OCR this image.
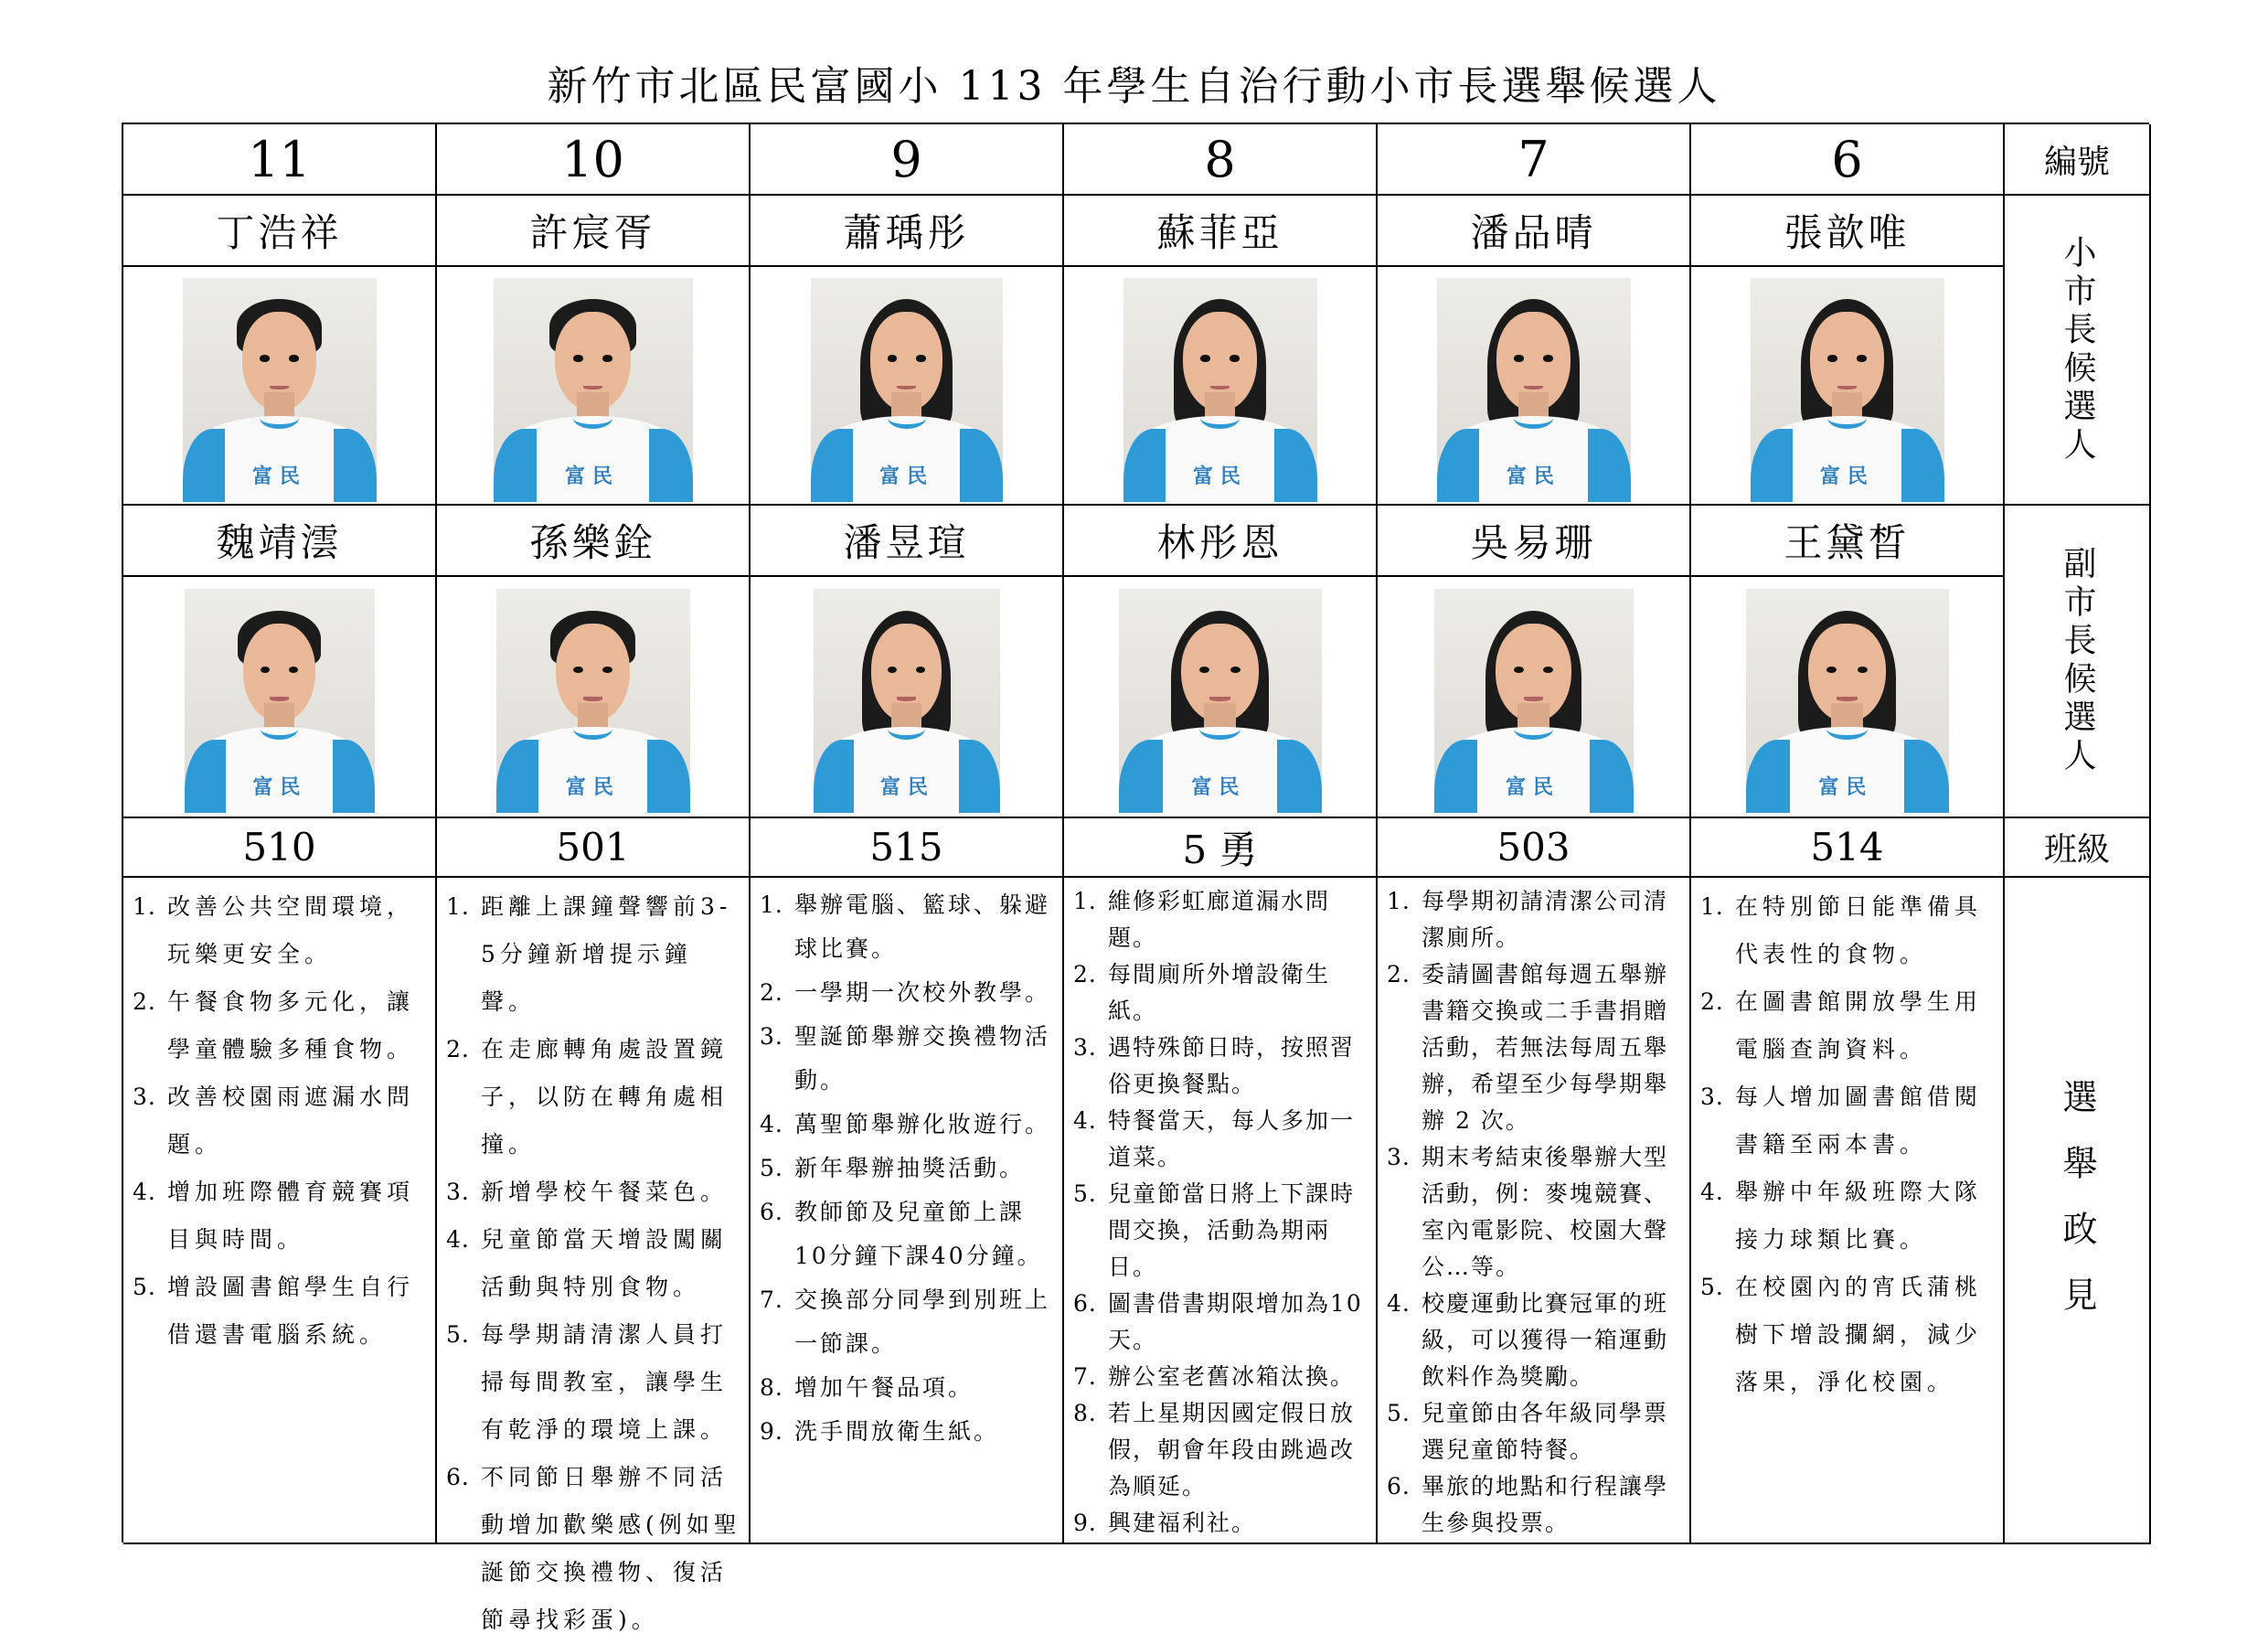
新竹市北區民富國小 113 年學生自治行動小市長選舉候選人
11	10	9	8	7	6	編號
丁浩祥	許宸胥	蕭瑀彤	蘇菲亞	潘品晴	張歆唯
小市長候選人
富民	富民	富民	富民	富民	富民
魏靖澐	孫樂銓	潘昱瑄	林彤恩	吳易珊	王黛晳
副市長候選人
富民	富民	富民	富民	富民	富民
510	501	515	5 勇	503	514	班級
1. 改善公共空間環境，玩樂更安全。
2. 午餐食物多元化，讓學童體驗多種食物。
3. 改善校園雨遮漏水問題。
4. 增加班際體育競賽項目與時間。
5. 增設圖書館學生自行借還書電腦系統。
1. 距離上課鐘聲響前3-5分鐘新增提示鐘聲。
2. 在走廊轉角處設置鏡子，以防在轉角處相撞。
3. 新增學校午餐菜色。
4. 兒童節當天增設闖關活動與特別食物。
5. 每學期請清潔人員打掃每間教室，讓學生有乾淨的環境上課。
6. 不同節日舉辦不同活動增加歡樂感(例如聖誕節交換禮物、復活節尋找彩蛋)。
1. 舉辦電腦、籃球、躲避球比賽。
2. 一學期一次校外教學。
3. 聖誕節舉辦交換禮物活動。
4. 萬聖節舉辦化妝遊行。
5. 新年舉辦抽獎活動。
6. 教師節及兒童節上課10分鐘下課40分鐘。
7. 交換部分同學到別班上一節課。
8. 增加午餐品項。
9. 洗手間放衛生紙。
1. 維修彩虹廊道漏水問題。
2. 每間廁所外增設衛生紙。
3. 遇特殊節日時，按照習俗更換餐點。
4. 特餐當天，每人多加一道菜。
5. 兒童節當日將上下課時間交換，活動為期兩日。
6. 圖書借書期限增加為10天。
7. 辦公室老舊冰箱汰換。
8. 若上星期因國定假日放假，朝會年段由跳過改為順延。
9. 興建福利社。
1. 每學期初請清潔公司清潔廁所。
2. 委請圖書館每週五舉辦書籍交換或二手書捐贈活動，若無法每周五舉辦，希望至少每學期舉辦 2 次。
3. 期末考結束後舉辦大型活動，例：麥塊競賽、室內電影院、校園大聲公…等。
4. 校慶運動比賽冠軍的班級，可以獲得一箱運動飲料作為獎勵。
5. 兒童節由各年級同學票選兒童節特餐。
6. 畢旅的地點和行程讓學生參與投票。
1. 在特別節日能準備具代表性的食物。
2. 在圖書館開放學生用電腦查詢資料。
3. 每人增加圖書館借閱書籍至兩本書。
4. 舉辦中年級班際大隊接力球類比賽。
5. 在校園內的宵氏蒲桃樹下增設攔網，減少落果，淨化校園。
選舉政見
